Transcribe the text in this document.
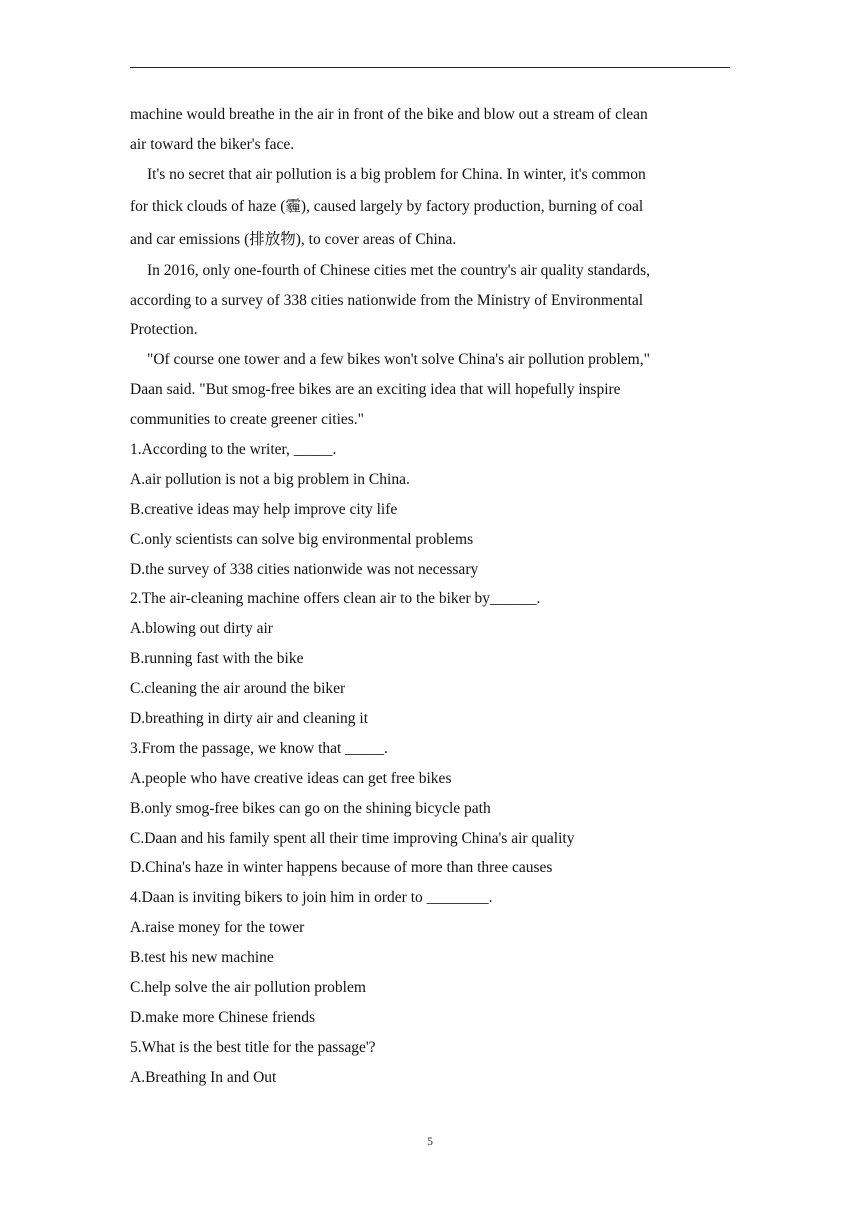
machine would breathe in the air in front of the bike and blow out a stream of clean
air toward the biker's face.
It's no secret that air pollution is a big problem for China. In winter, it's common
for thick clouds of haze (霾), caused largely by factory production, burning of coal
and car emissions (排放物), to cover areas of China.
In 2016, only one-fourth of Chinese cities met the country's air quality standards,
according to a survey of 338 cities nationwide from the Ministry of Environmental
Protection.
"Of course one tower and a few bikes won't solve China's air pollution problem,"
Daan said. "But smog-free bikes are an exciting idea that will hopefully inspire
communities to create greener cities."
1.According to the writer, _____.
A.air pollution is not a big problem in China.
B.creative ideas may help improve city life
C.only scientists can solve big environmental problems
D.the survey of 338 cities nationwide was not necessary
2.The air-cleaning machine offers clean air to the biker by______.
A.blowing out dirty air
B.running fast with the bike
C.cleaning the air around the biker
D.breathing in dirty air and cleaning it
3.From the passage, we know that _____.
A.people who have creative ideas can get free bikes
B.only smog-free bikes can go on the shining bicycle path
C.Daan and his family spent all their time improving China's air quality
D.China's haze in winter happens because of more than three causes
4.Daan is inviting bikers to join him in order to ________.
A.raise money for the tower
B.test his new machine
C.help solve the air pollution problem
D.make more Chinese friends
5.What is the best title for the passage'?
A.Breathing In and Out
5
